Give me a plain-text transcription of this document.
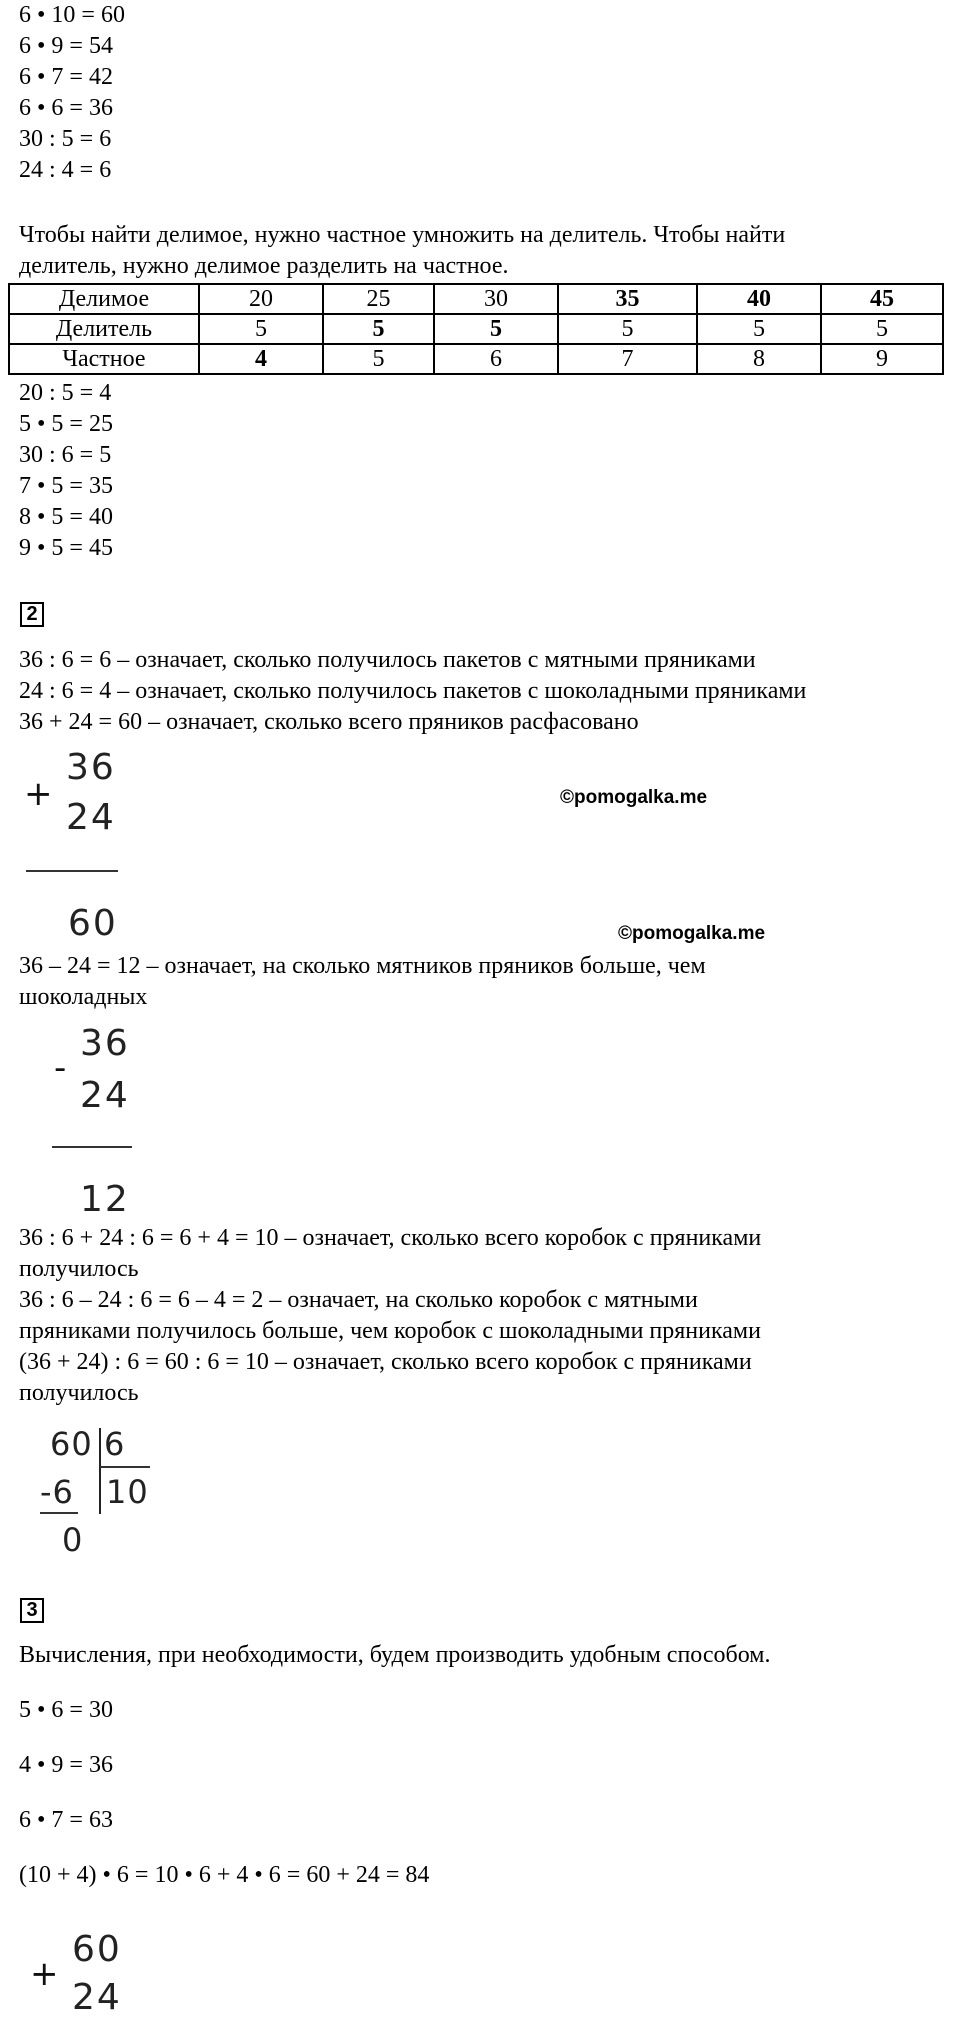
6 • 10 = 60
6 • 9 = 54
6 • 7 = 42
6 • 6 = 36
30 : 5 = 6
24 : 4 = 6
Чтобы найти делимое, нужно частное умножить на делитель. Чтобы найти
делитель, нужно делимое разделить на частное.
Делимое	20	25	30	35	40	45
Делитель	5	5	5	5	5	5
Частное	4	5	6	7	8	9
20 : 5 = 4
5 • 5 = 25
30 : 6 = 5
7 • 5 = 35
8 • 5 = 40
9 • 5 = 45
2
36 : 6 = 6 – означает, сколько получилось пакетов с мятными пряниками
24 : 6 = 4 – означает, сколько получилось пакетов с шоколадными пряниками
36 + 24 = 60 – означает, сколько всего пряников расфасовано
+
36
24
60
©pomogalka.me
©pomogalka.me
36 – 24 = 12 – означает, на сколько мятников пряников больше, чем
шоколадных
-
36
24
12
36 : 6 + 24 : 6 = 6 + 4 = 10 – означает, сколько всего коробок с пряниками
получилось
36 : 6 – 24 : 6 = 6 – 4 = 2 – означает, на сколько коробок с мятными
пряниками получилось больше, чем коробок с шоколадными пряниками
(36 + 24) : 6 = 60 : 6 = 10 – означает, сколько всего коробок с пряниками
получилось
60 6
-6 10
0
3
Вычисления, при необходимости, будем производить удобным способом.
5 • 6 = 30
4 • 9 = 36
6 • 7 = 63
(10 + 4) • 6 = 10 • 6 + 4 • 6 = 60 + 24 = 84
+
60
24
